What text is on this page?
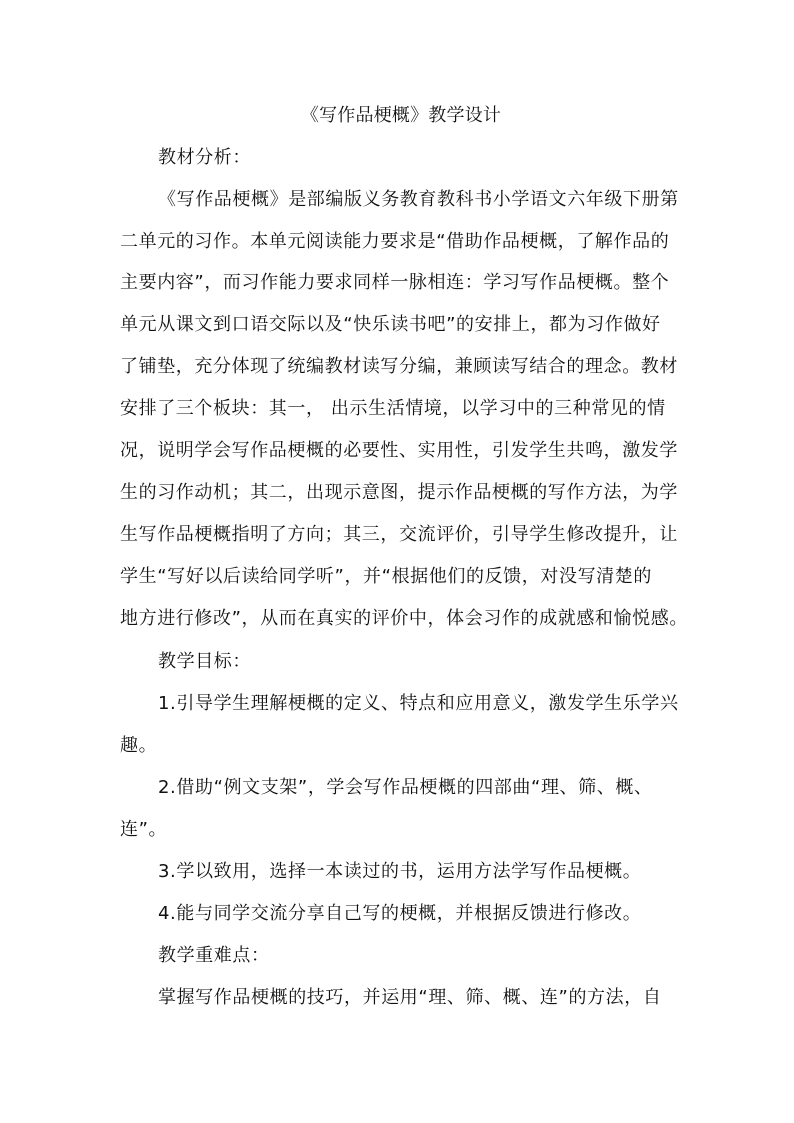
《写作品梗概》教学设计
教材分析：
《写作品梗概》是部编版义务教育教科书小学语文六年级下册第
二单元的习作。本单元阅读能力要求是“借助作品梗概，了解作品的
主要内容”，而习作能力要求同样一脉相连：学习写作品梗概。整个
单元从课文到口语交际以及“快乐读书吧”的安排上，都为习作做好
了铺垫，充分体现了统编教材读写分编，兼顾读写结合的理念。教材
安排了三个板块：其一， 出示生活情境，以学习中的三种常见的情
况，说明学会写作品梗概的必要性、实用性，引发学生共鸣，激发学
生的习作动机；其二，出现示意图，提示作品梗概的写作方法，为学
生写作品梗概指明了方向；其三，交流评价，引导学生修改提升，让
学生“写好以后读给同学听”，并“根据他们的反馈，对没写清楚的
地方进行修改”，从而在真实的评价中，体会习作的成就感和愉悦感。
教学目标：
1.引导学生理解梗概的定义、特点和应用意义，激发学生乐学兴
趣。
2.借助“例文支架”，学会写作品梗概的四部曲“理、筛、概、
连”。
3.学以致用，选择一本读过的书，运用方法学写作品梗概。
4.能与同学交流分享自己写的梗概，并根据反馈进行修改。
教学重难点：
掌握写作品梗概的技巧，并运用“理、筛、概、连”的方法，自
